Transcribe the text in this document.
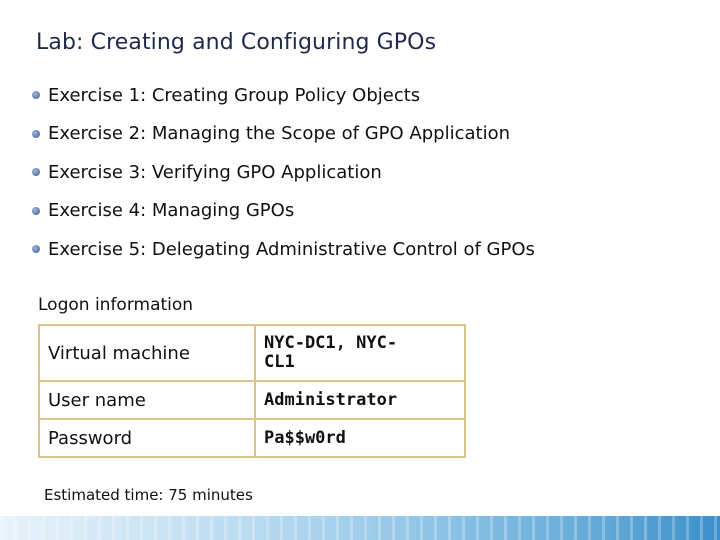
Lab: Creating and Configuring GPOs
Exercise 1: Creating Group Policy Objects
Exercise 2: Managing the Scope of GPO Application
Exercise 3: Verifying GPO Application
Exercise 4: Managing GPOs
Exercise 5: Delegating Administrative Control of GPOs
Logon information
Virtual machine	NYC-DC1, NYC-
CL1
User name	Administrator
Password	Pa$$w0rd
Estimated time: 75 minutes
